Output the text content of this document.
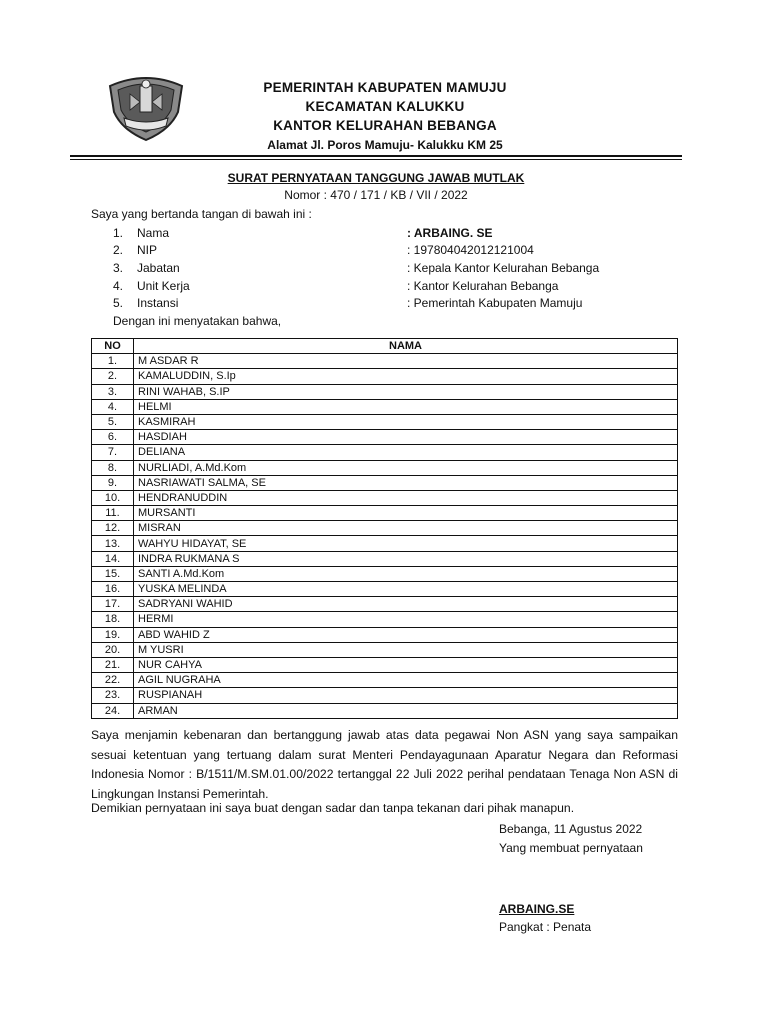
PEMERINTAH KABUPATEN MAMUJU
KECAMATAN KALUKKU
KANTOR KELURAHAN BEBANGA
Alamat Jl. Poros Mamuju- Kalukku KM 25
SURAT PERNYATAAN TANGGUNG JAWAB MUTLAK
Nomor : 470 / 171 / KB / VII / 2022
Saya yang bertanda tangan di bawah ini :
1.	Nama	: ARBAING. SE
2.	NIP	: 197804042012121004
3.	Jabatan	: Kepala Kantor Kelurahan Bebanga
4.	Unit Kerja	: Kantor Kelurahan Bebanga
5.	Instansi	: Pemerintah Kabupaten Mamuju
Dengan ini menyatakan bahwa,
NO	NAMA
1.	M ASDAR R
2.	KAMALUDDIN, S.Ip
3.	RINI WAHAB, S.IP
4.	HELMI
5.	KASMIRAH
6.	HASDIAH
7.	DELIANA
8.	NURLIADI, A.Md.Kom
9.	NASRIAWATI SALMA, SE
10.	HENDRANUDDIN
11.	MURSANTI
12.	MISRAN
13.	WAHYU HIDAYAT, SE
14.	INDRA RUKMANA S
15.	SANTI A.Md.Kom
16.	YUSKA MELINDA
17.	SADRYANI WAHID
18.	HERMI
19.	ABD WAHID Z
20.	M YUSRI
21.	NUR CAHYA
22.	AGIL NUGRAHA
23.	RUSPIANAH
24.	ARMAN
Saya menjamin kebenaran dan bertanggung jawab atas data pegawai Non ASN yang saya sampaikan sesuai ketentuan yang tertuang dalam surat Menteri Pendayagunaan Aparatur Negara dan Reformasi Indonesia Nomor : B/1511/M.SM.01.00/2022 tertanggal 22 Juli 2022 perihal pendataan Tenaga Non ASN di Lingkungan Instansi Pemerintah.
Demikian pernyataan ini saya buat dengan sadar dan tanpa tekanan dari pihak manapun.
Bebanga, 11 Agustus 2022
Yang membuat pernyataan
ARBAING.SE
Pangkat : Penata
